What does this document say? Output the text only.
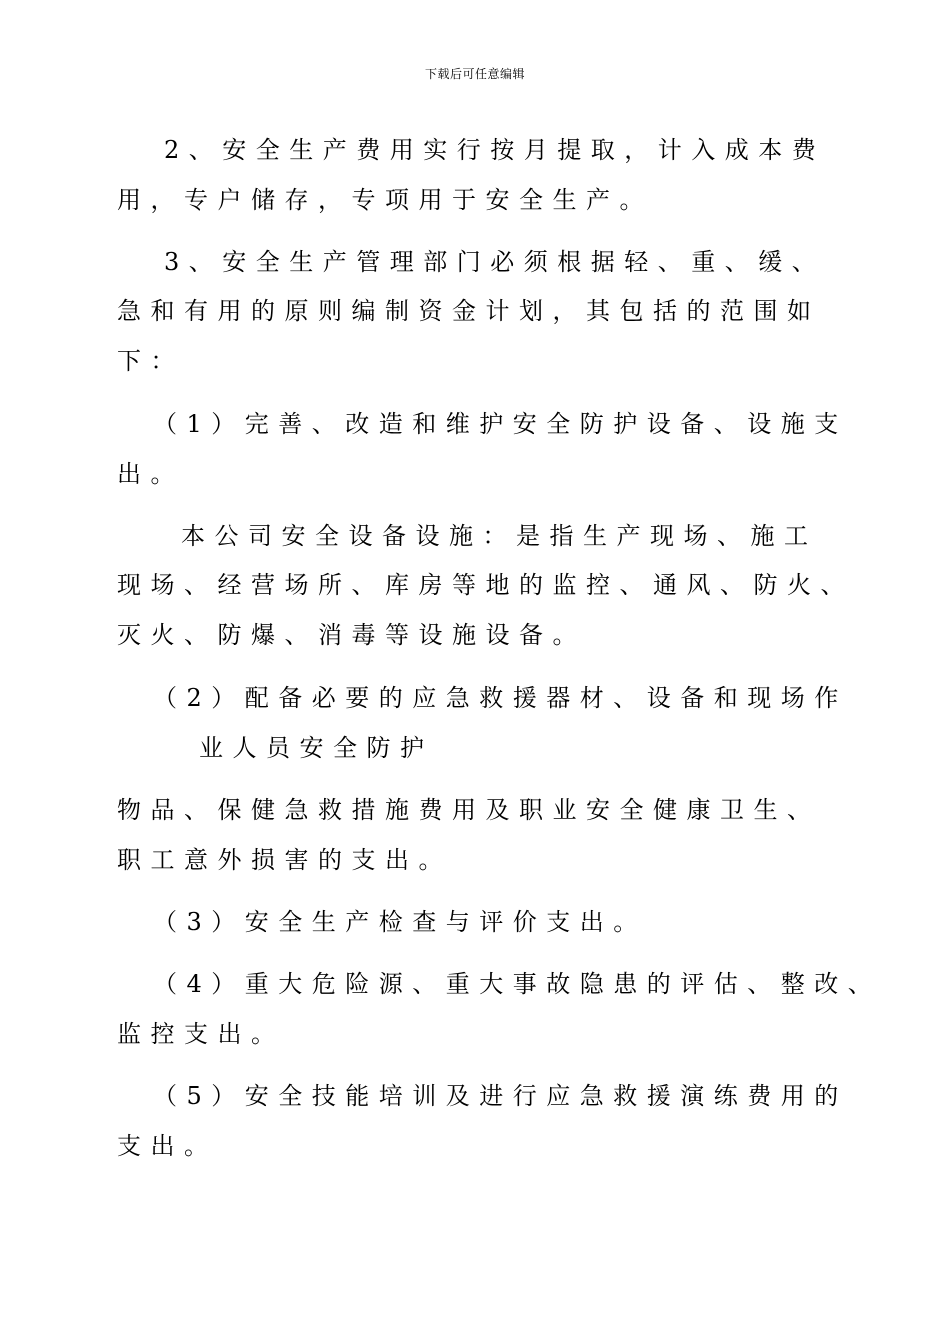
下载后可任意编辑
2、安全生产费用实行按月提取，计入成本费
用，专户储存，专项用于安全生产。
3、安全生产管理部门必须根据轻、重、缓、
急和有用的原则编制资金计划，其包括的范围如
下：
（1）完善、改造和维护安全防护设备、设施支
出。
本公司安全设备设施：是指生产现场、施工
现场、经营场所、库房等地的监控、通风、防火、
灭火、防爆、消毒等设施设备。
（2）配备必要的应急救援器材、设备和现场作
业人员安全防护
物品、保健急救措施费用及职业安全健康卫生、
职工意外损害的支出。
（3）安全生产检查与评价支出。
（4）重大危险源、重大事故隐患的评估、整改、
监控支出。
（5）安全技能培训及进行应急救援演练费用的
支出。
